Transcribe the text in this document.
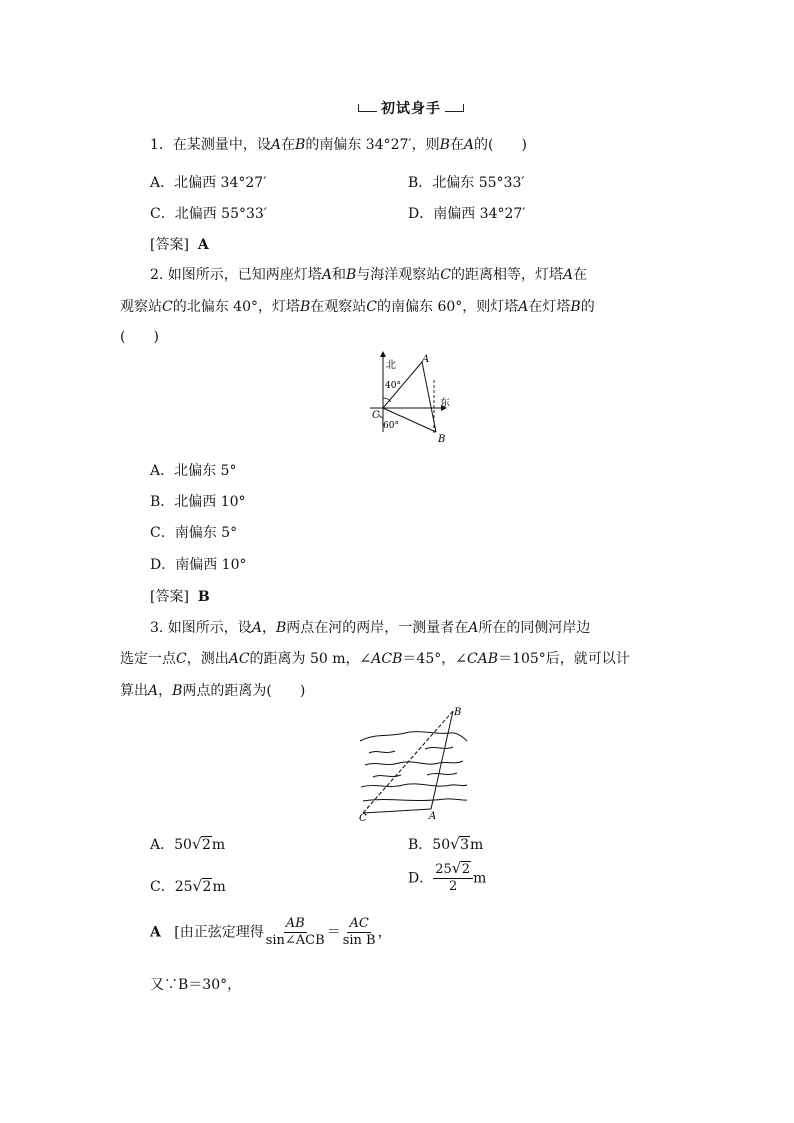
初试身手
1．在某测量中，设A在B的南偏东 34°27′，则B在A的(　　)
A．北偏西 34°27′	B．北偏东 55°33′
C．北偏西 55°33′	D．南偏西 34°27′
[答案] A
2. 如图所示，已知两座灯塔A和B与海洋观察站C的距离相等，灯塔A在
观察站C的北偏东 40°，灯塔B在观察站C的南偏东 60°，则灯塔A在灯塔B的
(　　)
北
东
40°
60°
A
B
C
A．北偏东 5°
B．北偏西 10°
C．南偏东 5°
D．南偏西 10°
[答案] B
3. 如图所示，设A，B两点在河的两岸，一测量者在A所在的同侧河岸边
选定一点C，测出AC的距离为 50 m，∠ACB＝45°，∠CAB＝105°后，就可以计
算出A，B两点的距离为(　　)
B
A
C
A．50 √ 2m	B．50 √ 3m
C．25 √ 2m
D． $\frac{25 √ 2}{2}$ m
A [由正弦定理得 $\frac{AB}{\text{sin∠ACB}} = \frac{AC}{\text{sin B}}$ ，
又∵B＝30°，
